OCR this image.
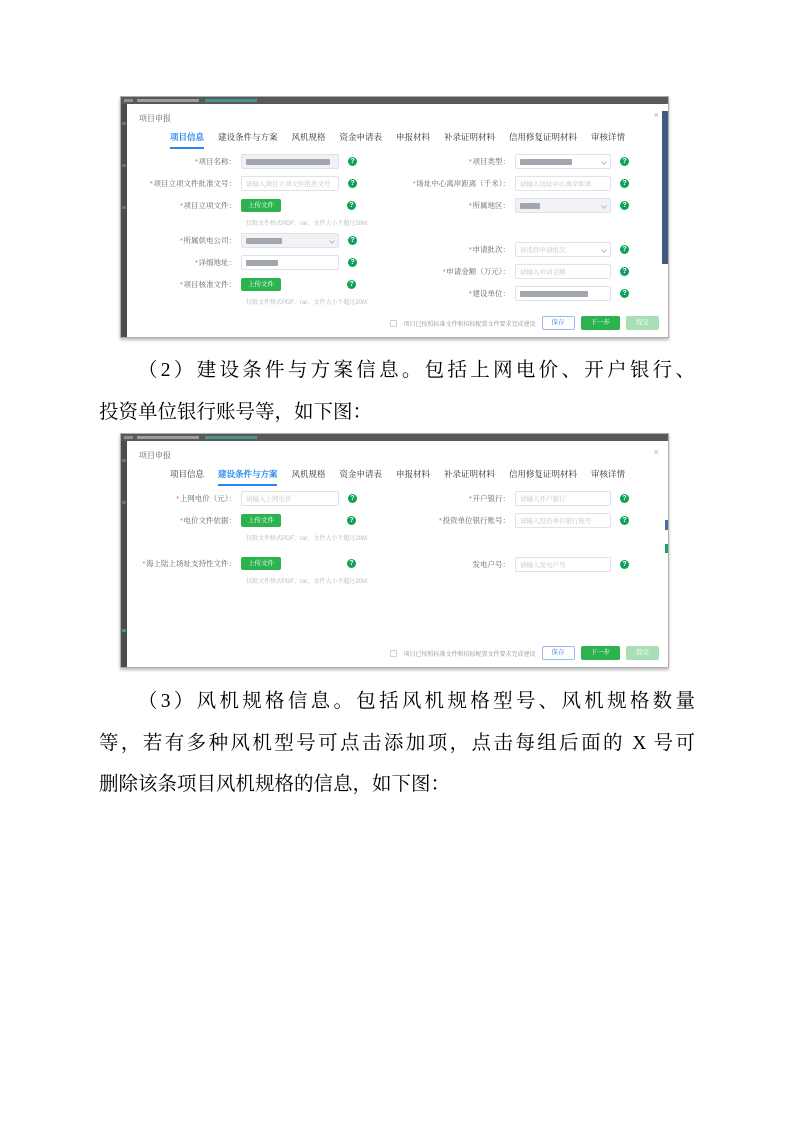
项目申报	×
项目信息 建设条件与方案 风机规格 资金申请表 申报材料 补录证明材料 信用修复证明材料 审核详情
*项目名称：	?
*项目立项文件批准文号：	请输入项目立项文件批准文号	?
*项目立项文件：	上传文件	?
仅限文件格式PDF、rar，文件大小不超过20M
*所属供电公司：	?
*详细地址：	?
*项目核准文件：	上传文件	?
仅限文件格式PDF、rar，文件大小不超过20M
*项目类型：	?
*场址中心离岸距离（千米）：	请输入场址中心离岸距离	?
*所属地区：	?
*申请批次：	请选择申请批次	?
*申请金额（万元）：	请输入申请金额	?
*建设单位：	?
项目已按照标准文件和招标配置文件要求完成建设	保存	下一步	提交
（2）建设条件与方案信息。包括上网电价、开户银行、
投资单位银行账号等，如下图：
项目申报	×
项目信息 建设条件与方案 风机规格 资金申请表 申报材料 补录证明材料 信用修复证明材料 审核详情
*上网电价（元）：	请输入上网电价	?
*电价文件依据：	上传文件	?
仅限文件格式PDF、rar，文件大小不超过20M
*海上陆上场址支持性文件：	上传文件	?
仅限文件格式PDF、rar，文件大小不超过20M
*开户银行：	请输入开户银行	?
*投资单位银行账号：	请输入投资单位银行账号	?
发电户号：	请输入发电户号	?
项目已按照标准文件和招标配置文件要求完成建设	保存	下一步	提交
（3）风机规格信息。包括风机规格型号、风机规格数量
等，若有多种风机型号可点击添加项，点击每组后面的 X 号可
删除该条项目风机规格的信息，如下图：
